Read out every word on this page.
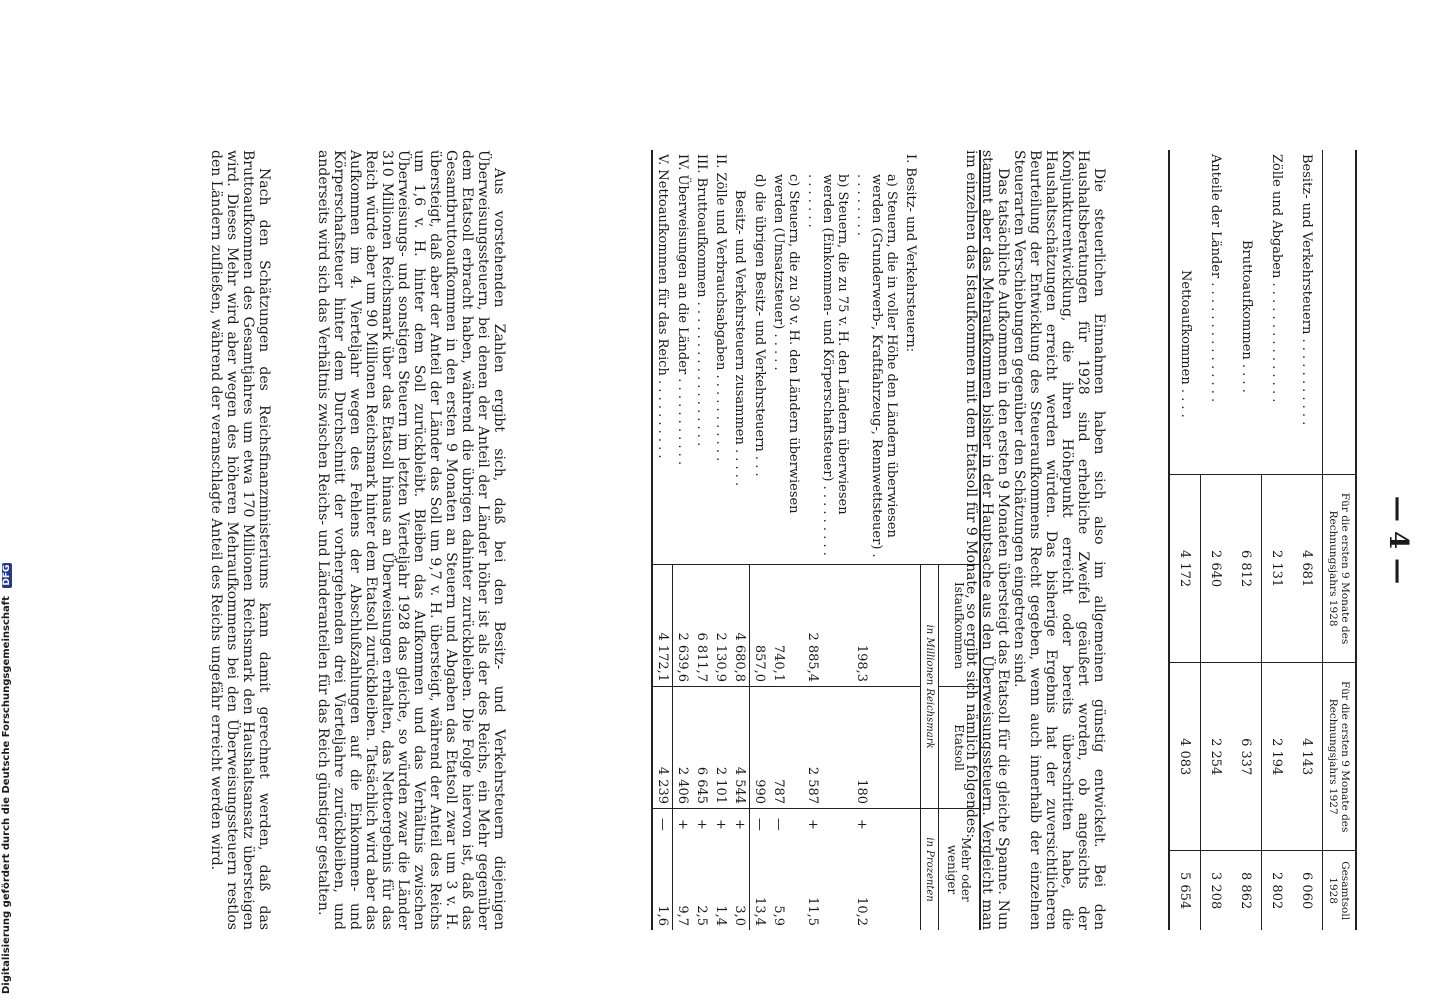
— 4 —
	Für die ersten 9 Monate des Rechnungsjahrs 1928	Für die ersten 9 Monate des Rechnungsjahrs 1927	Gesamtsoll 1928
Besitz- und Verkehrsteuern . . . . . . . . . . .	4 681	4 143	6 060
Zölle und Abgaben . . . . . . . . . . . . . . .	2 131	2 194	2 802
Bruttoaufkommen . . . .	6 812	6 337	8 862
Anteile der Länder . . . . . . . . . . . . . . .	2 640	2 254	3 208
Nettoaufkommen . . . .	4 172	4 083	5 654

Die steuerlichen Einnahmen haben sich also im allgemeinen günstig entwickelt. Bei den Haushaltsberatungen für 1928 sind erhebliche Zweifel geäußert worden, ob angesichts der Konjunkturentwicklung, die ihren Höhepunkt erreicht oder bereits überschritten habe, die Haushaltsschätzungen erreicht werden würden. Das bisherige Ergebnis hat der zuversichtlicheren Beurteilung der Entwicklung des Steueraufkommens Recht gegeben, wenn auch innerhalb der einzelnen Steuerarten Verschiebungen gegenüber den Schätzungen eingetreten sind.

Das tatsächliche Aufkommen in den ersten 9 Monaten übersteigt das Etatsoll für die gleiche Spanne. Nun stammt aber das Mehraufkommen bisher in der Hauptsache aus den Überweisungssteuern. Vergleicht man im einzelnen das Istaufkommen mit dem Etatsoll für 9 Monate, so ergibt sich nämlich folgendes:

	Istaufkommen	Etatsoll	Mehr oder weniger	
	in Millionen Reichsmark		in Prozenten	
I. Besitz- und Verkehrsteuern:				
a) Steuern, die in voller Höhe den Ländern überwiesen werden (Grunderwerb-, Kraftfahrzeug-, Rennwettsteuer) . . . . . . . . .	198,3	180	+	10,2
b) Steuern, die zu 75 v. H. den Ländern überwiesen werden (Einkommen- und Körperschaftsteuer) . . . . . . . . . . . . . . . .	2 885,4	2 587	+	11,5
c) Steuern, die zu 30 v. H. den Ländern überwiesen werden (Umsatzsteuer) . . . . .	740,1	787	—	5,9
d) die übrigen Besitz- und Verkehrsteuern . . .	857,0	990	—	13,4
Besitz- und Verkehrsteuern zusammen . . . . .	4 680,8	4 544	+	3,0
II. Zölle und Verbrauchsabgaben . . . . . . . . . . .	2 130,9	2 101	+	1,4
III. Bruttoaufkommen . . . . . . . . . . . . . . . . . .	6 811,7	6 645	+	2,5
IV. Überweisungen an die Länder . . . . . . . . . . .	2 639,6	2 406	+	9,7
V. Nettoaufkommen für das Reich . . . . . . . . . .	4 172,1	4 239	—	1,6

Aus vorstehenden Zahlen ergibt sich, daß bei den Besitz- und Verkehrsteuern diejenigen Überweisungssteuern, bei denen der Anteil der Länder höher ist als der des Reichs, ein Mehr gegenüber dem Etatsoll erbracht haben, während die übrigen dahinter zurückbleiben. Die Folge hiervon ist, daß das Gesamtbruttoaufkommen in den ersten 9 Monaten an Steuern und Abgaben das Etatsoll zwar um 3 v. H. übersteigt, daß aber der Anteil der Länder das Soll um 9,7 v. H. übersteigt, während der Anteil des Reichs um 1,6 v. H. hinter dem Soll zurückbleibt. Bleiben das Aufkommen und das Verhältnis zwischen Überweisungs- und sonstigen Steuern im letzten Vierteljahr 1928 das gleiche, so würden zwar die Länder 310 Millionen Reichsmark über das Etatsoll hinaus an Überweisungen erhalten, das Nettoergebnis für das Reich würde aber um 90 Millionen Reichsmark hinter dem Etatsoll zurückbleiben. Tatsächlich wird aber das Aufkommen im 4. Vierteljahr wegen des Fehlens der Abschlußzahlungen auf die Einkommen- und Körperschaftsteuer hinter dem Durchschnitt der vorhergehenden drei Vierteljahre zurückbleiben, und anderseits wird sich das Verhältnis zwischen Reichs- und Länderanteilen für das Reich günstiger gestalten.

Nach den Schätzungen des Reichsfinanzministeriums kann damit gerechnet werden, daß das Bruttoaufkommen des Gesamtjahres um etwa 170 Millionen Reichsmark den Haushaltsansatz übersteigen wird. Dieses Mehr wird aber wegen des höheren Mehraufkommens bei den Überweisungssteuern restlos den Ländern zufließen, während der veranschlagte Anteil des Reichs ungefähr erreicht werden wird.

Digitalisierung gefördert durch die Deutsche Forschungsgemeinschaft DFG
